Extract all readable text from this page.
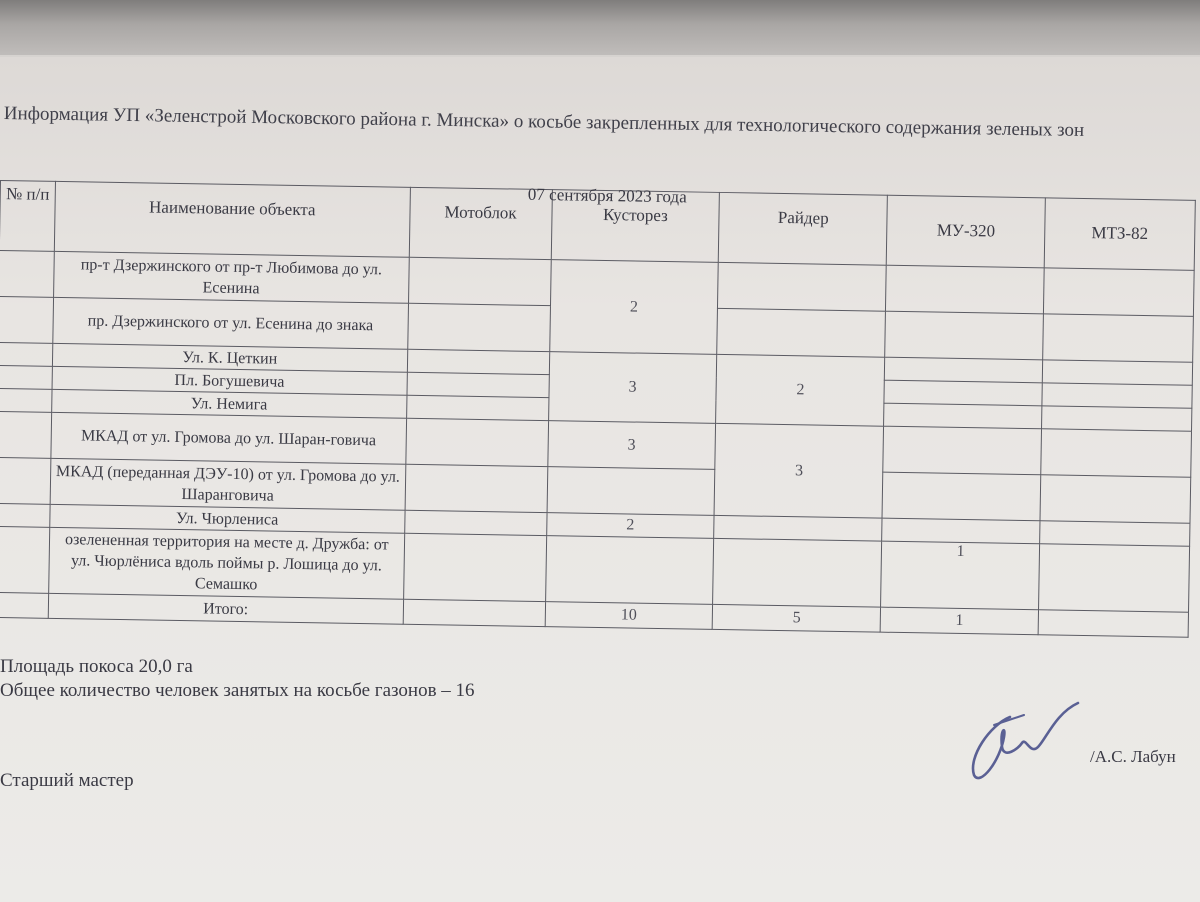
Информация УП «Зеленстрой Московского района г. Минска» о косьбе закрепленных для технологического содержания зеленых зон
07 сентября 2023 года
№ п/п	Наименование объекта	Мотоблок	Кусторез	Райдер	МУ-320	МТЗ-82
	пр-т Дзержинского от пр-т Любимова до ул. Есенина		2			
	пр. Дзержинского от ул. Есенина до знака					
	Ул. К. Цеткин		3	2		
	Пл. Богушевича					
	Ул. Немига					
	МКАД от ул. Громова до ул. Шаран-говича		3	3		
	МКАД (переданная ДЭУ-10) от ул. Громова до ул. Шаранговича					
	Ул. Чюрлениса		2			
	озелененная территория на месте д. Дружба: от ул. Чюрлёниса вдоль поймы р. Лошица до ул. Семашко				1	
	Итого:		10	5	1	
Площадь покоса 20,0 га
Общее количество человек занятых на косьбе газонов – 16
Старший мастер
/А.С. Лабун
